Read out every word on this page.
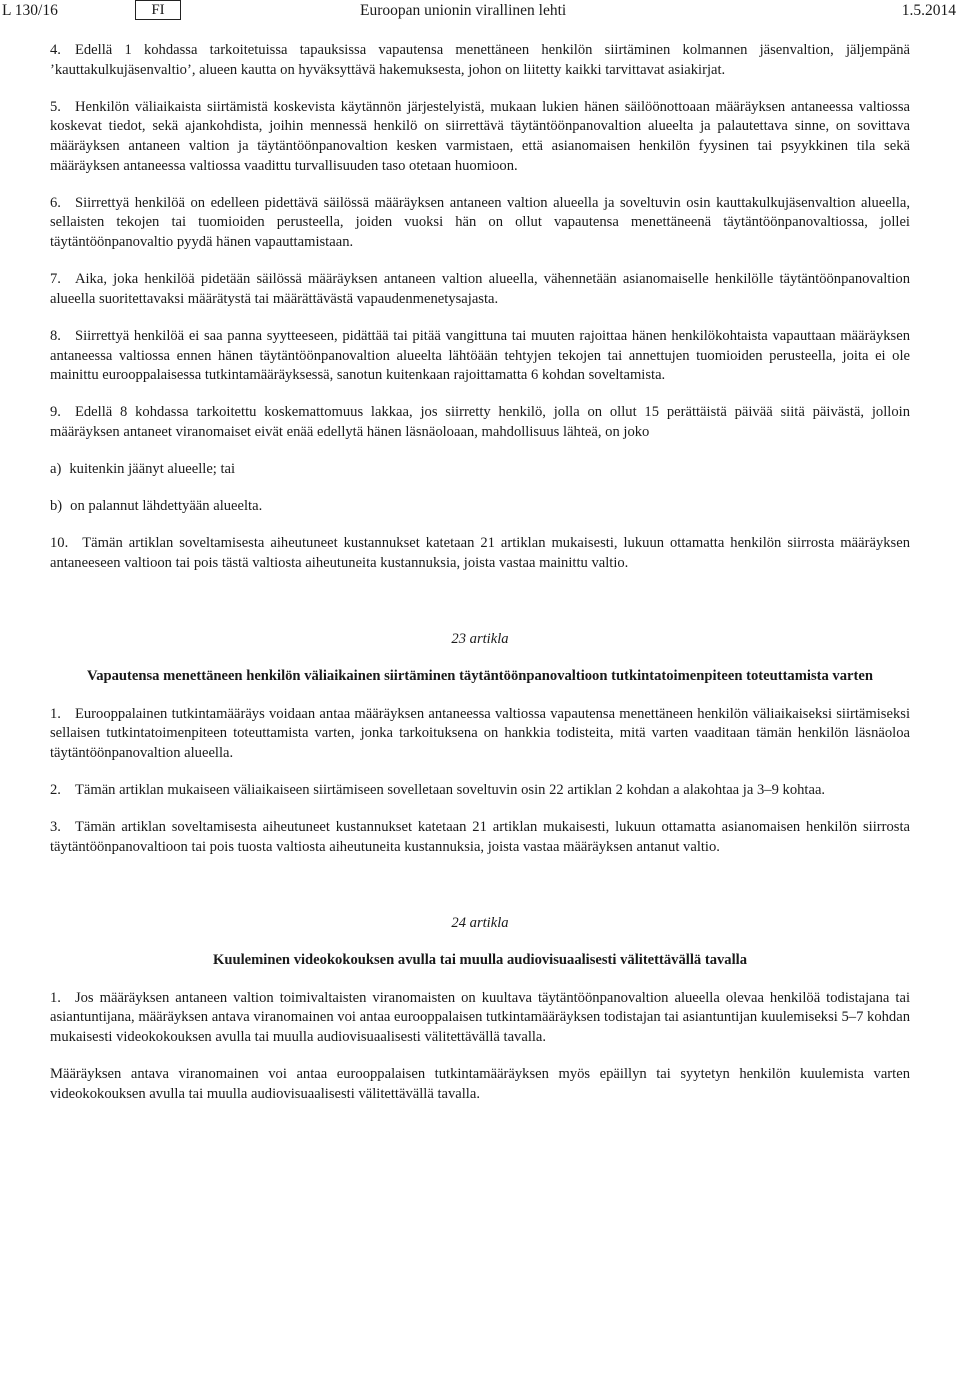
L 130/16	FI	Euroopan unionin virallinen lehti	1.5.2014

4. Edellä 1 kohdassa tarkoitetuissa tapauksissa vapautensa menettäneen henkilön siirtäminen kolmannen jäsenvaltion, jäljempänä ’kauttakulkujäsenvaltio’, alueen kautta on hyväksyttävä hakemuksesta, johon on liitetty kaikki tarvittavat asiakirjat.

5. Henkilön väliaikaista siirtämistä koskevista käytännön järjestelyistä, mukaan lukien hänen säilöönottoaan määräyksen antaneessa valtiossa koskevat tiedot, sekä ajankohdista, joihin mennessä henkilö on siirrettävä täytäntöönpanovaltion alueelta ja palautettava sinne, on sovittava määräyksen antaneen valtion ja täytäntöönpanovaltion kesken varmistaen, että asianomaisen henkilön fyysinen tai psyykkinen tila sekä määräyksen antaneessa valtiossa vaadittu turvallisuuden taso otetaan huomioon.

6. Siirrettyä henkilöä on edelleen pidettävä säilössä määräyksen antaneen valtion alueella ja soveltuvin osin kauttakulkujäsenvaltion alueella, sellaisten tekojen tai tuomioiden perusteella, joiden vuoksi hän on ollut vapautensa menettäneenä täytäntöönpanovaltiossa, jollei täytäntöönpanovaltio pyydä hänen vapauttamistaan.

7. Aika, joka henkilöä pidetään säilössä määräyksen antaneen valtion alueella, vähennetään asianomaiselle henkilölle täytäntöönpanovaltion alueella suoritettavaksi määrätystä tai määrättävästä vapaudenmenetysajasta.

8. Siirrettyä henkilöä ei saa panna syytteeseen, pidättää tai pitää vangittuna tai muuten rajoittaa hänen henkilökohtaista vapauttaan määräyksen antaneessa valtiossa ennen hänen täytäntöönpanovaltion alueelta lähtöään tehtyjen tekojen tai annettujen tuomioiden perusteella, joita ei ole mainittu eurooppalaisessa tutkintamääräyksessä, sanotun kuitenkaan rajoittamatta 6 kohdan soveltamista.

9. Edellä 8 kohdassa tarkoitettu koskemattomuus lakkaa, jos siirretty henkilö, jolla on ollut 15 perättäistä päivää siitä päivästä, jolloin määräyksen antaneet viranomaiset eivät enää edellytä hänen läsnäoloaan, mahdollisuus lähteä, on joko

a) kuitenkin jäänyt alueelle; tai

b) on palannut lähdettyään alueelta.

10. Tämän artiklan soveltamisesta aiheutuneet kustannukset katetaan 21 artiklan mukaisesti, lukuun ottamatta henkilön siirrosta määräyksen antaneeseen valtioon tai pois tästä valtiosta aiheutuneita kustannuksia, joista vastaa mainittu valtio.

23 artikla

Vapautensa menettäneen henkilön väliaikainen siirtäminen täytäntöönpanovaltioon tutkintatoimenpiteen toteuttamista varten

1. Eurooppalainen tutkintamääräys voidaan antaa määräyksen antaneessa valtiossa vapautensa menettäneen henkilön väliaikaiseksi siirtämiseksi sellaisen tutkintatoimenpiteen toteuttamista varten, jonka tarkoituksena on hankkia todisteita, mitä varten vaaditaan tämän henkilön läsnäoloa täytäntöönpanovaltion alueella.

2. Tämän artiklan mukaiseen väliaikaiseen siirtämiseen sovelletaan soveltuvin osin 22 artiklan 2 kohdan a alakohtaa ja 3–9 kohtaa.

3. Tämän artiklan soveltamisesta aiheutuneet kustannukset katetaan 21 artiklan mukaisesti, lukuun ottamatta asianomaisen henkilön siirrosta täytäntöönpanovaltioon tai pois tuosta valtiosta aiheutuneita kustannuksia, joista vastaa määräyksen antanut valtio.

24 artikla

Kuuleminen videokokouksen avulla tai muulla audiovisuaalisesti välitettävällä tavalla

1. Jos määräyksen antaneen valtion toimivaltaisten viranomaisten on kuultava täytäntöönpanovaltion alueella olevaa henkilöä todistajana tai asiantuntijana, määräyksen antava viranomainen voi antaa eurooppalaisen tutkintamääräyksen todistajan tai asiantuntijan kuulemiseksi 5–7 kohdan mukaisesti videokokouksen avulla tai muulla audiovisuaalisesti välitettävällä tavalla.

Määräyksen antava viranomainen voi antaa eurooppalaisen tutkintamääräyksen myös epäillyn tai syytetyn henkilön kuulemista varten videokokouksen avulla tai muulla audiovisuaalisesti välitettävällä tavalla.
